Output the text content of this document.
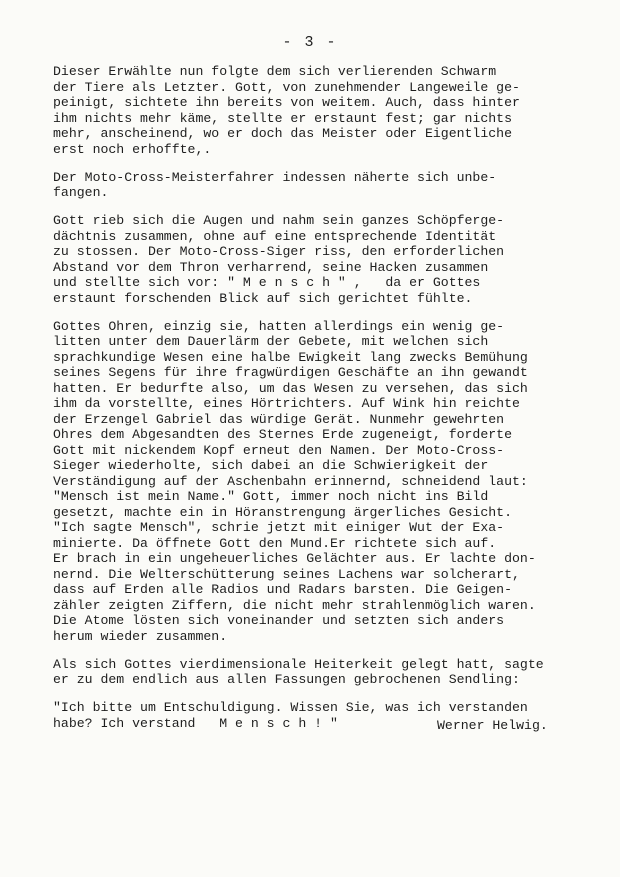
- 3 -
Dieser Erwählte nun folgte dem sich verlierenden Schwarm
der Tiere als Letzter. Gott, von zunehmender Langeweile ge-
peinigt, sichtete ihn bereits von weitem. Auch, dass hinter
ihm nichts mehr käme, stellte er erstaunt fest; gar nichts
mehr, anscheinend, wo er doch das Meister oder Eigentliche
erst noch erhoffte,.
Der Moto-Cross-Meisterfahrer indessen näherte sich unbe-
fangen.
Gott rieb sich die Augen und nahm sein ganzes Schöpferge-
dächtnis zusammen, ohne auf eine entsprechende Identität
zu stossen. Der Moto-Cross-Siger riss, den erforderlichen
Abstand vor dem Thron verharrend, seine Hacken zusammen
und stellte sich vor: " M e n s c h " ,   da er Gottes
erstaunt forschenden Blick auf sich gerichtet fühlte.
Gottes Ohren, einzig sie, hatten allerdings ein wenig ge-
litten unter dem Dauerlärm der Gebete, mit welchen sich
sprachkundige Wesen eine halbe Ewigkeit lang zwecks Bemühung
seines Segens für ihre fragwürdigen Geschäfte an ihn gewandt
hatten. Er bedurfte also, um das Wesen zu versehen, das sich
ihm da vorstellte, eines Hörtrichters. Auf Wink hin reichte
der Erzengel Gabriel das würdige Gerät. Nunmehr gewehrten
Ohres dem Abgesandten des Sternes Erde zugeneigt, forderte
Gott mit nickendem Kopf erneut den Namen. Der Moto-Cross-
Sieger wiederholte, sich dabei an die Schwierigkeit der
Verständigung auf der Aschenbahn erinnernd, schneidend laut:
"Mensch ist mein Name." Gott, immer noch nicht ins Bild
gesetzt, machte ein in Höranstrengung ärgerliches Gesicht.
"Ich sagte Mensch", schrie jetzt mit einiger Wut der Exa-
minierte. Da öffnete Gott den Mund.Er richtete sich auf.
Er brach in ein ungeheuerliches Gelächter aus. Er lachte don-
nernd. Die Welterschütterung seines Lachens war solcherart,
dass auf Erden alle Radios und Radars barsten. Die Geigen-
zähler zeigten Ziffern, die nicht mehr strahlenmöglich waren.
Die Atome lösten sich voneinander und setzten sich anders
herum wieder zusammen.
Als sich Gottes vierdimensionale Heiterkeit gelegt hatt, sagte
er zu dem endlich aus allen Fassungen gebrochenen Sendling:
"Ich bitte um Entschuldigung. Wissen Sie, was ich verstanden
habe? Ich verstand   M e n s c h ! "	Werner Helwig.
